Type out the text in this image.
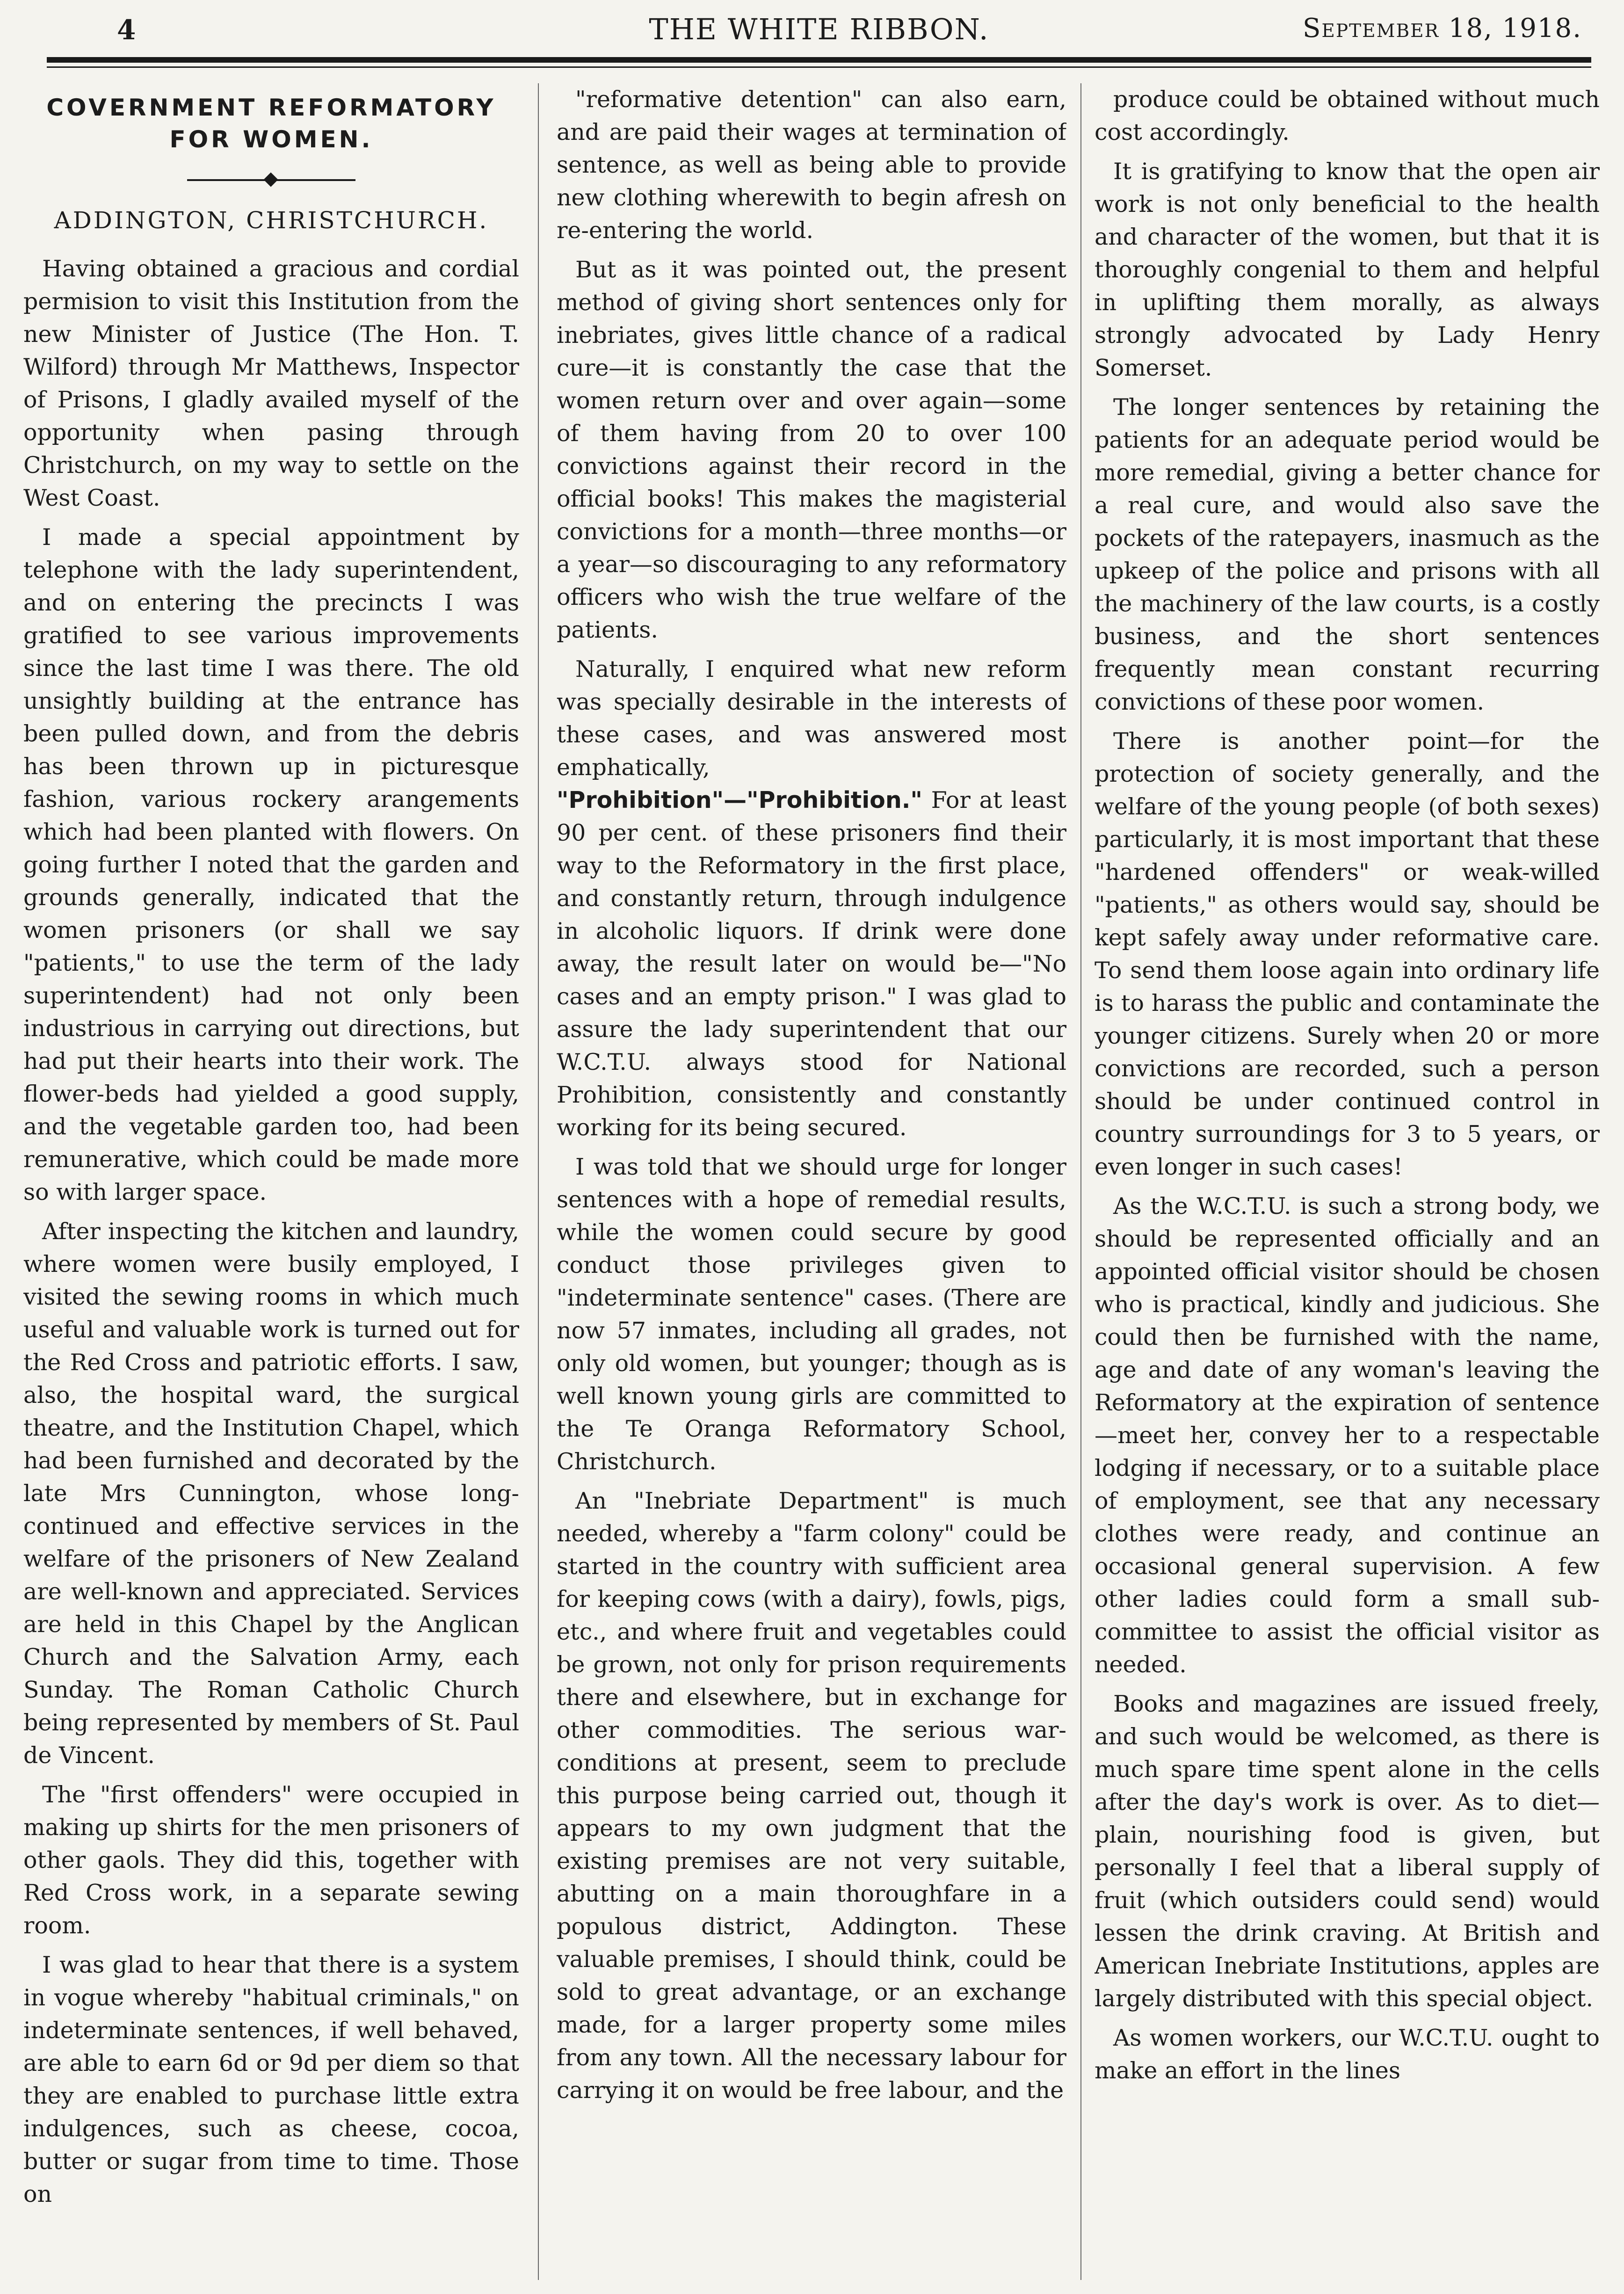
4	THE WHITE RIBBON.	September 18, 1918.
COVERNMENT REFORMATORY FOR WOMEN.
ADDINGTON, CHRISTCHURCH.

Having obtained a gracious and cordial permision to visit this Institution from the new Minister of Justice (The Hon. T. Wilford) through Mr Matthews, Inspector of Prisons, I gladly availed myself of the opportunity when pasing through Christchurch, on my way to settle on the West Coast.

I made a special appointment by telephone with the lady superintendent, and on entering the precincts I was gratified to see various improvements since the last time I was there. The old unsightly building at the entrance has been pulled down, and from the debris has been thrown up in picturesque fashion, various rockery arangements which had been planted with flowers. On going further I noted that the garden and grounds generally, indicated that the women prisoners (or shall we say "patients," to use the term of the lady superintendent) had not only been industrious in carrying out directions, but had put their hearts into their work. The flower-beds had yielded a good supply, and the vegetable garden too, had been remunerative, which could be made more so with larger space.

After inspecting the kitchen and laundry, where women were busily employed, I visited the sewing rooms in which much useful and valuable work is turned out for the Red Cross and patriotic efforts. I saw, also, the hospital ward, the surgical theatre, and the Institution Chapel, which had been furnished and decorated by the late Mrs Cunnington, whose long-continued and effective services in the welfare of the prisoners of New Zealand are well-known and appreciated. Services are held in this Chapel by the Anglican Church and the Salvation Army, each Sunday. The Roman Catholic Church being represented by members of St. Paul de Vincent.

The "first offenders" were occupied in making up shirts for the men prisoners of other gaols. They did this, together with Red Cross work, in a separate sewing room.

I was glad to hear that there is a system in vogue whereby "habitual criminals," on indeterminate sentences, if well behaved, are able to earn 6d or 9d per diem so that they are enabled to purchase little extra indulgences, such as cheese, cocoa, butter or sugar from time to time. Those on

"reformative detention" can also earn, and are paid their wages at termination of sentence, as well as being able to provide new clothing wherewith to begin afresh on re-entering the world.

But as it was pointed out, the present method of giving short sentences only for inebriates, gives little chance of a radical cure—it is constantly the case that the women return over and over again—some of them having from 20 to over 100 convictions against their record in the official books! This makes the magisterial convictions for a month—three months—or a year—so discouraging to any reformatory officers who wish the true welfare of the patients.

Naturally, I enquired what new reform was specially desirable in the interests of these cases, and was answered most emphatically, "Prohibition"—"Prohibition." For at least 90 per cent. of these prisoners find their way to the Reformatory in the first place, and constantly return, through indulgence in alcoholic liquors. If drink were done away, the result later on would be—"No cases and an empty prison." I was glad to assure the lady superintendent that our W.C.T.U. always stood for National Prohibition, consistently and constantly working for its being secured.

I was told that we should urge for longer sentences with a hope of remedial results, while the women could secure by good conduct those privileges given to "indeterminate sentence" cases. (There are now 57 inmates, including all grades, not only old women, but younger; though as is well known young girls are committed to the Te Oranga Reformatory School, Christchurch.

An "Inebriate Department" is much needed, whereby a "farm colony" could be started in the country with sufficient area for keeping cows (with a dairy), fowls, pigs, etc., and where fruit and vegetables could be grown, not only for prison requirements there and elsewhere, but in exchange for other commodities. The serious war-conditions at present, seem to preclude this purpose being carried out, though it appears to my own judgment that the existing premises are not very suitable, abutting on a main thoroughfare in a populous district, Addington. These valuable premises, I should think, could be sold to great advantage, or an exchange made, for a larger property some miles from any town. All the necessary labour for carrying it on would be free labour, and the

produce could be obtained without much cost accordingly.

It is gratifying to know that the open air work is not only beneficial to the health and character of the women, but that it is thoroughly congenial to them and helpful in uplifting them morally, as always strongly advocated by Lady Henry Somerset.

The longer sentences by retaining the patients for an adequate period would be more remedial, giving a better chance for a real cure, and would also save the pockets of the ratepayers, inasmuch as the upkeep of the police and prisons with all the machinery of the law courts, is a costly business, and the short sentences frequently mean constant recurring convictions of these poor women.

There is another point—for the protection of society generally, and the welfare of the young people (of both sexes) particularly, it is most important that these "hardened offenders" or weak-willed "patients," as others would say, should be kept safely away under reformative care. To send them loose again into ordinary life is to harass the public and contaminate the younger citizens. Surely when 20 or more convictions are recorded, such a person should be under continued control in country surroundings for 3 to 5 years, or even longer in such cases!

As the W.C.T.U. is such a strong body, we should be represented officially and an appointed official visitor should be chosen who is practical, kindly and judicious. She could then be furnished with the name, age and date of any woman's leaving the Reformatory at the expiration of sentence—meet her, convey her to a respectable lodging if necessary, or to a suitable place of employment, see that any necessary clothes were ready, and continue an occasional general supervision. A few other ladies could form a small sub-committee to assist the official visitor as needed.

Books and magazines are issued freely, and such would be welcomed, as there is much spare time spent alone in the cells after the day's work is over. As to diet—plain, nourishing food is given, but personally I feel that a liberal supply of fruit (which outsiders could send) would lessen the drink craving. At British and American Inebriate Institutions, apples are largely distributed with this special object.

As women workers, our W.C.T.U. ought to make an effort in the lines
